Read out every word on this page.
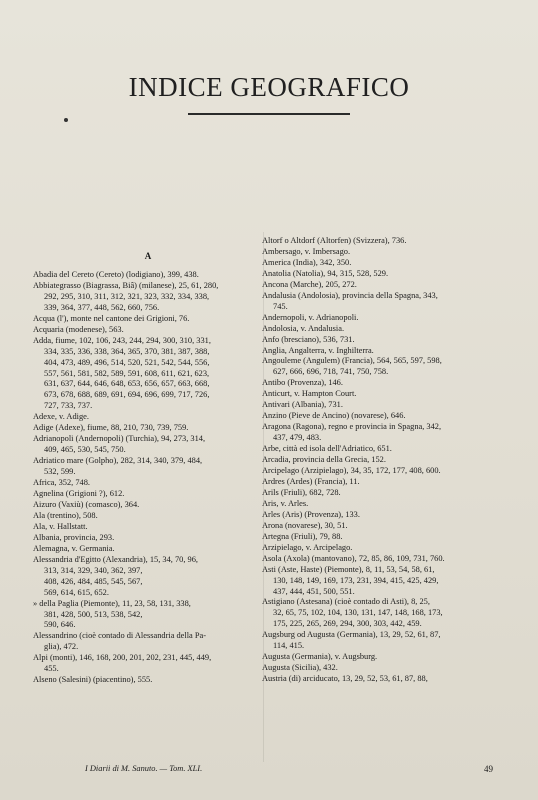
INDICE GEOGRAFICO
A
Abadia del Cereto (Cereto) (lodigiano), 399, 438.
Abbiategrasso (Biagrassa, Biâ) (milanese), 25, 61, 280,
292, 295, 310, 311, 312, 321, 323, 332, 334, 338,
339, 364, 377, 448, 562, 660, 756.
Acqua (l'), monte nel cantone dei Grigioni, 76.
Acquaria (modenese), 563.
Adda, fiume, 102, 106, 243, 244, 294, 300, 310, 331,
334, 335, 336, 338, 364, 365, 370, 381, 387, 388,
404, 473, 489, 496, 514, 520, 521, 542, 544, 556,
557, 561, 581, 582, 589, 591, 608, 611, 621, 623,
631, 637, 644, 646, 648, 653, 656, 657, 663, 668,
673, 678, 688, 689, 691, 694, 696, 699, 717, 726,
727, 733, 737.
Adexe, v. Adige.
Adige (Adexe), fiume, 88, 210, 730, 739, 759.
Adrianopoli (Andernopoli) (Turchia), 94, 273, 314,
409, 465, 530, 545, 750.
Adriatico mare (Golpho), 282, 314, 340, 379, 484,
532, 599.
Africa, 352, 748.
Agnelina (Grigioni ?), 612.
Aizuro (Vaxiù) (comasco), 364.
Ala (trentino), 508.
Ala, v. Hallstatt.
Albania, provincia, 293.
Alemagna, v. Germania.
Alessandria d'Egitto (Alexandria), 15, 34, 70, 96,
313, 314, 329, 340, 362, 397,
408, 426, 484, 485, 545, 567,
569, 614, 615, 652.
» della Paglia (Piemonte), 11, 23, 58, 131, 338,
381, 428, 500, 513, 538, 542,
590, 646.
Alessandrino (cioè contado di Alessandria della Pa-
glia), 472.
Alpi (monti), 146, 168, 200, 201, 202, 231, 445, 449,
455.
Alseno (Salesini) (piacentino), 555.
Altorf o Altdorf (Altorfen) (Svizzera), 736.
Ambersago, v. Imbersago.
America (India), 342, 350.
Anatolia (Natolia), 94, 315, 528, 529.
Ancona (Marche), 205, 272.
Andalusia (Andolosia), provincia della Spagna, 343,
745.
Andernopoli, v. Adrianopoli.
Andolosia, v. Andalusia.
Anfo (bresciano), 536, 731.
Anglia, Angalterra, v. Inghilterra.
Angouleme (Angulem) (Francia), 564, 565, 597, 598,
627, 666, 696, 718, 741, 750, 758.
Antibo (Provenza), 146.
Anticurt, v. Hampton Court.
Antivari (Albania), 731.
Anzino (Pieve de Ancino) (novarese), 646.
Aragona (Ragona), regno e provincia in Spagna, 342,
437, 479, 483.
Arbe, città ed isola dell'Adriatico, 651.
Arcadia, provincia della Grecia, 152.
Arcipelago (Arzipielago), 34, 35, 172, 177, 408, 600.
Ardres (Ardes) (Francia), 11.
Arils (Friuli), 682, 728.
Aris, v. Arles.
Arles (Aris) (Provenza), 133.
Arona (novarese), 30, 51.
Artegna (Friuli), 79, 88.
Arzipielago, v. Arcipelago.
Asola (Axola) (mantovano), 72, 85, 86, 109, 731, 760.
Asti (Aste, Haste) (Piemonte), 8, 11, 53, 54, 58, 61,
130, 148, 149, 169, 173, 231, 394, 415, 425, 429,
437, 444, 451, 500, 551.
Astigiano (Astesana) (cioè contado di Asti), 8, 25,
32, 65, 75, 102, 104, 130, 131, 147, 148, 168, 173,
175, 225, 265, 269, 294, 300, 303, 442, 459.
Augsburg od Augusta (Germania), 13, 29, 52, 61, 87,
114, 415.
Augusta (Germania), v. Augsburg.
Augusta (Sicilia), 432.
Austria (di) arciducato, 13, 29, 52, 53, 61, 87, 88,
I Diarii di M. Sanuto. — Tom. XLI.	49
